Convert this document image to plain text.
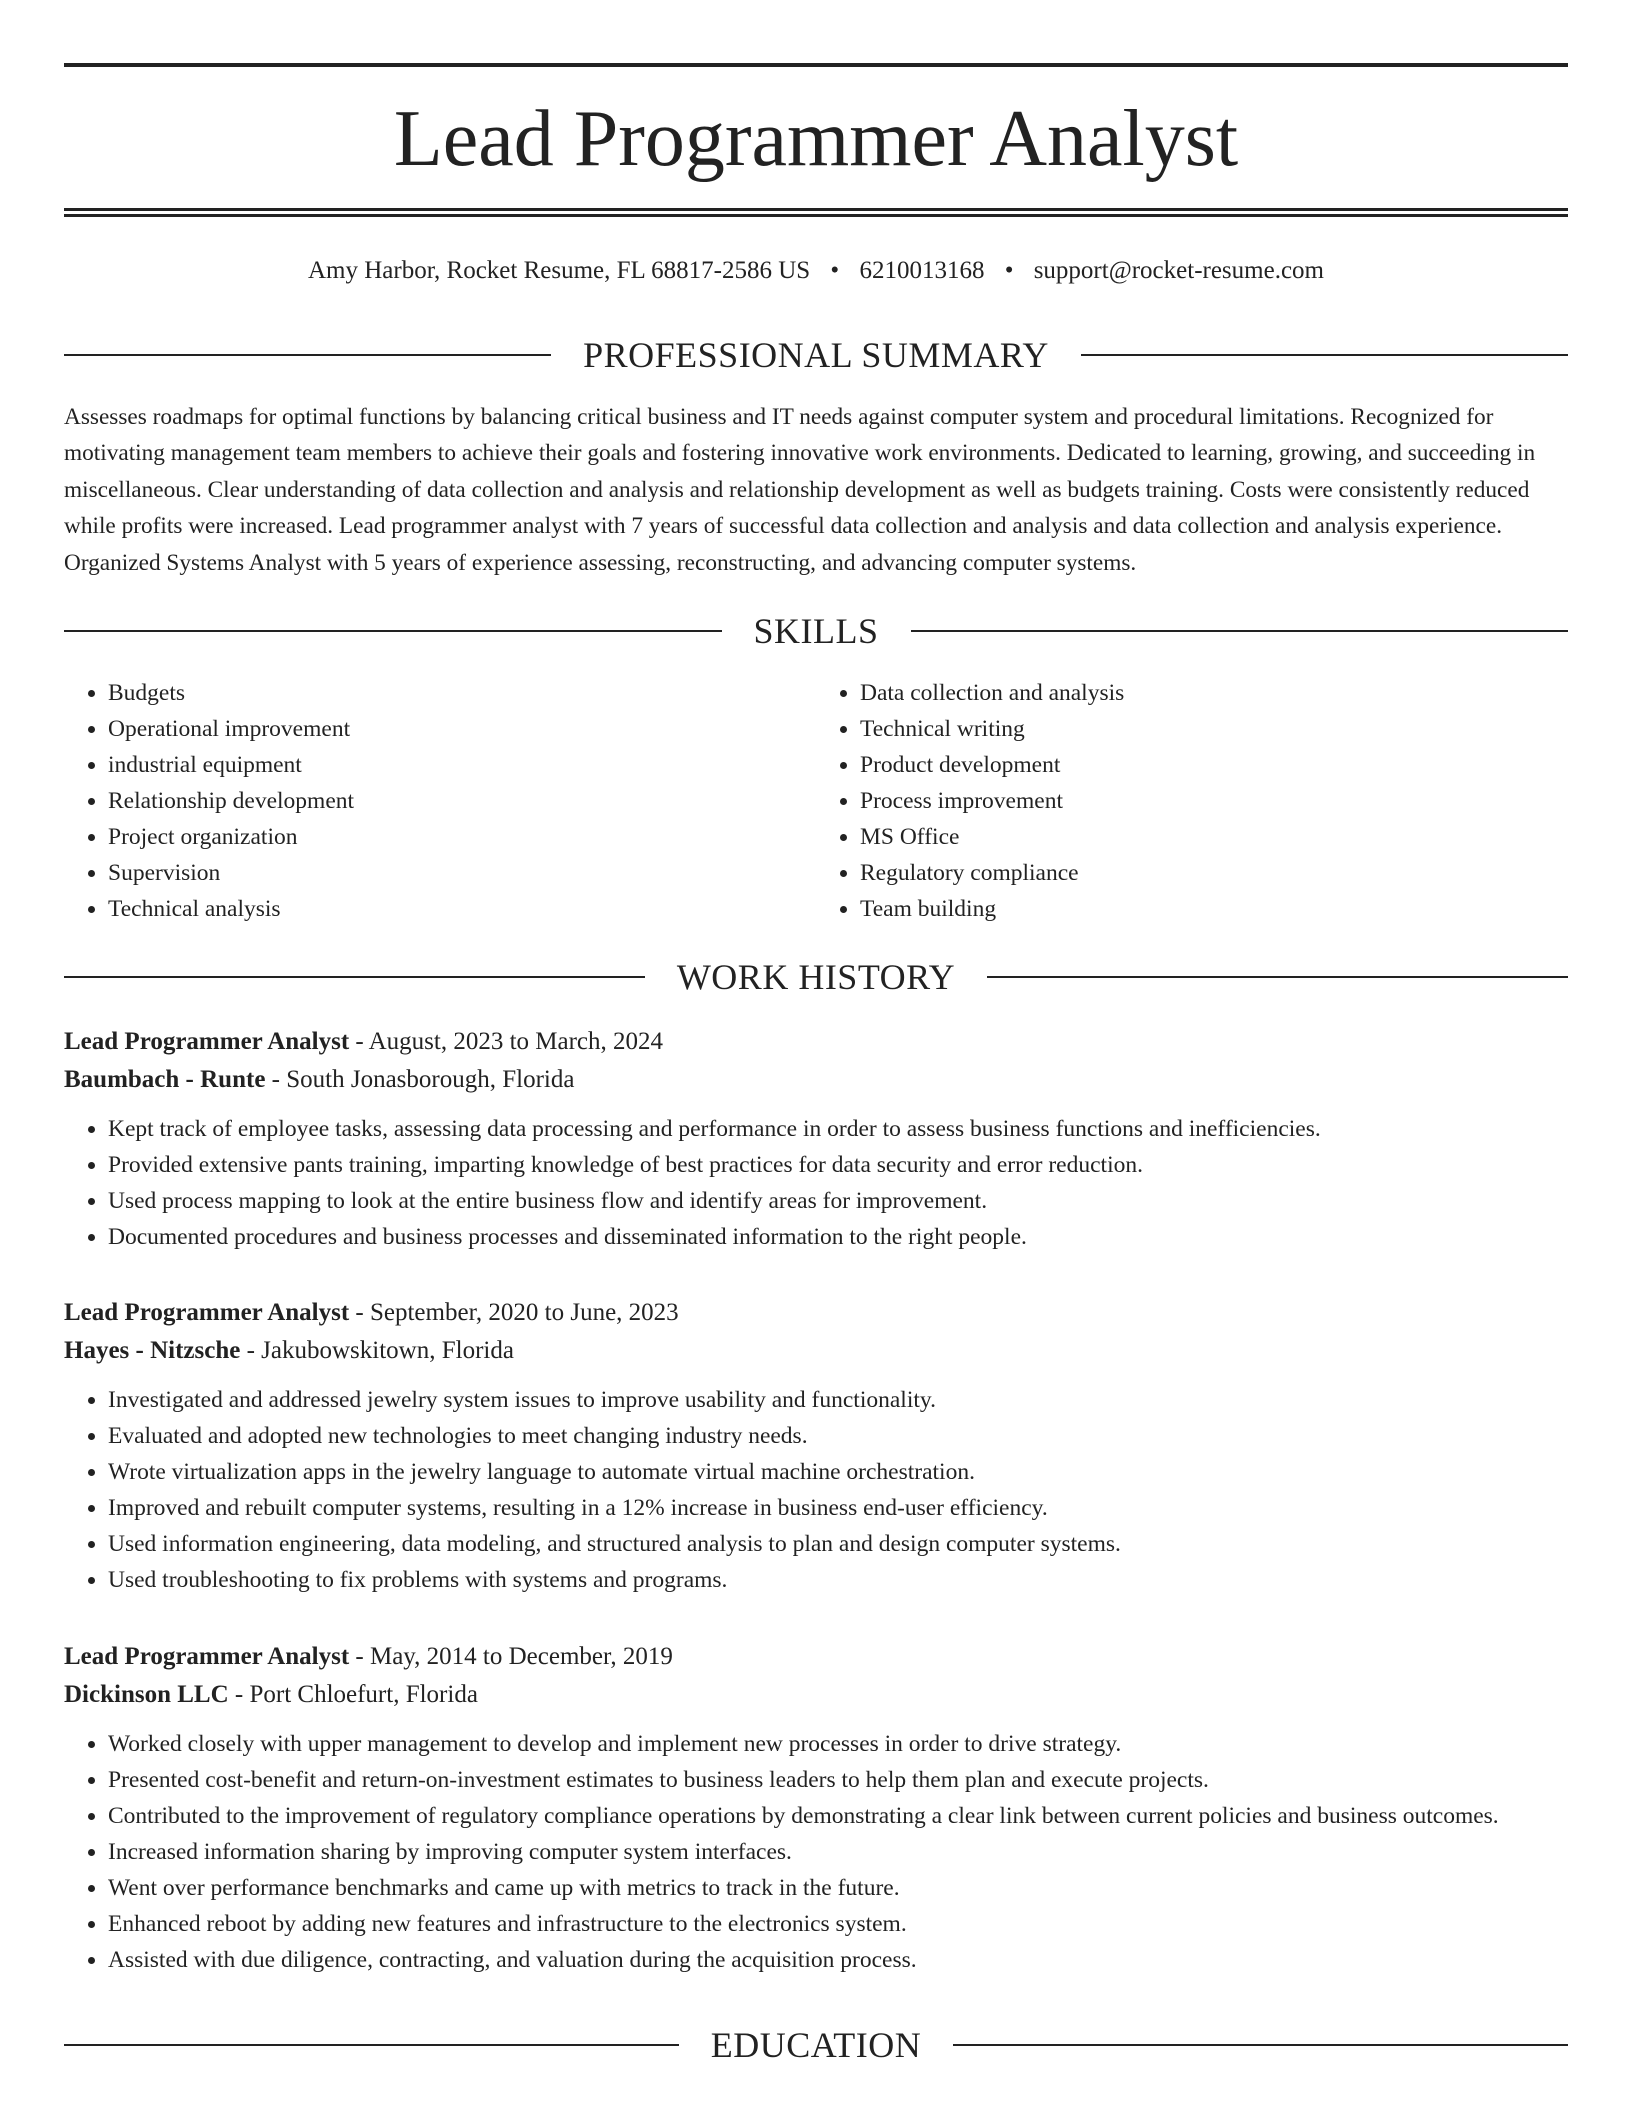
Lead Programmer Analyst
Amy Harbor, Rocket Resume, FL 68817-2586 US • 6210013168 • support@rocket-resume.com
PROFESSIONAL SUMMARY

Assesses roadmaps for optimal functions by balancing critical business and IT needs against computer system and procedural limitations. Recognized for motivating management team members to achieve their goals and fostering innovative work environments. Dedicated to learning, growing, and succeeding in miscellaneous. Clear understanding of data collection and analysis and relationship development as well as budgets training. Costs were consistently reduced while profits were increased. Lead programmer analyst with 7 years of successful data collection and analysis and data collection and analysis experience. Organized Systems Analyst with 5 years of experience assessing, reconstructing, and advancing computer systems.

SKILLS
• Budgets
• Operational improvement
• industrial equipment
• Relationship development
• Project organization
• Supervision
• Technical analysis
• Data collection and analysis
• Technical writing
• Product development
• Process improvement
• MS Office
• Regulatory compliance
• Team building
WORK HISTORY
Lead Programmer Analyst - August, 2023 to March, 2024
Baumbach - Runte - South Jonasborough, Florida
• Kept track of employee tasks, assessing data processing and performance in order to assess business functions and inefficiencies.
• Provided extensive pants training, imparting knowledge of best practices for data security and error reduction.
• Used process mapping to look at the entire business flow and identify areas for improvement.
• Documented procedures and business processes and disseminated information to the right people.
Lead Programmer Analyst - September, 2020 to June, 2023
Hayes - Nitzsche - Jakubowskitown, Florida
• Investigated and addressed jewelry system issues to improve usability and functionality.
• Evaluated and adopted new technologies to meet changing industry needs.
• Wrote virtualization apps in the jewelry language to automate virtual machine orchestration.
• Improved and rebuilt computer systems, resulting in a 12% increase in business end-user efficiency.
• Used information engineering, data modeling, and structured analysis to plan and design computer systems.
• Used troubleshooting to fix problems with systems and programs.
Lead Programmer Analyst - May, 2014 to December, 2019
Dickinson LLC - Port Chloefurt, Florida
• Worked closely with upper management to develop and implement new processes in order to drive strategy.
• Presented cost-benefit and return-on-investment estimates to business leaders to help them plan and execute projects.
• Contributed to the improvement of regulatory compliance operations by demonstrating a clear link between current policies and business outcomes.
• Increased information sharing by improving computer system interfaces.
• Went over performance benchmarks and came up with metrics to track in the future.
• Enhanced reboot by adding new features and infrastructure to the electronics system.
• Assisted with due diligence, contracting, and valuation during the acquisition process.
EDUCATION
